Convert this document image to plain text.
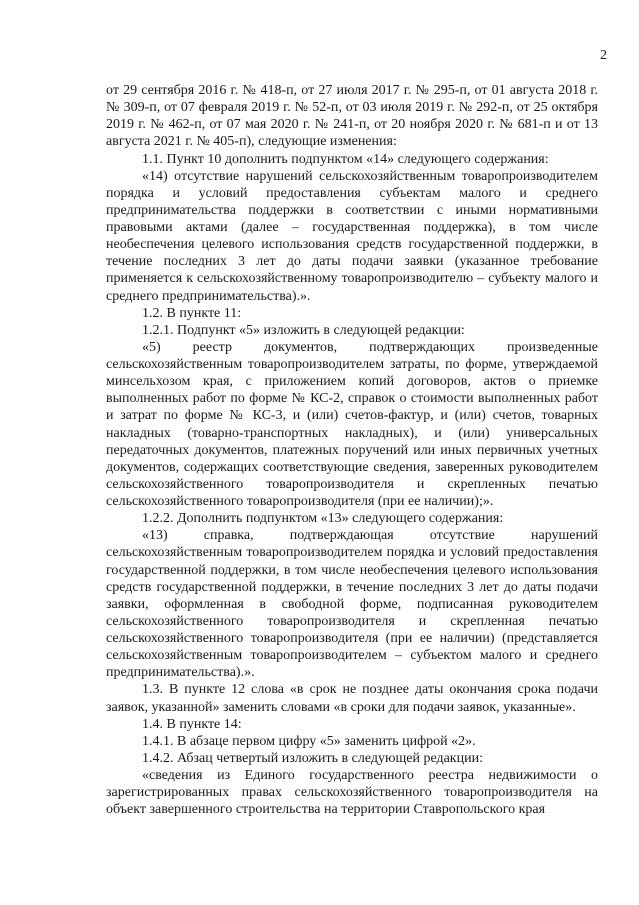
2

от 29 сентября 2016 г. № 418-п, от 27 июля 2017 г. № 295-п, от 01 августа 2018 г. № 309-п, от 07 февраля 2019 г. № 52-п, от 03 июля 2019 г. № 292-п, от 25 октября 2019 г. № 462-п, от 07 мая 2020 г. № 241-п, от 20 ноября 2020 г. № 681-п и от 13 августа 2021 г. № 405-п), следующие изменения:

1.1. Пункт 10 дополнить подпунктом «14» следующего содержания:

«14) отсутствие нарушений сельскохозяйственным товаропроизводителем порядка и условий предоставления субъектам малого и среднего предпринимательства поддержки в соответствии с иными нормативными правовыми актами (далее – государственная поддержка), в том числе необеспечения целевого использования средств государственной поддержки, в течение последних 3 лет до даты подачи заявки (указанное требование применяется к сельскохозяйственному товаропроизводителю – субъекту малого и среднего предпринимательства).».

1.2. В пункте 11:

1.2.1. Подпункт «5» изложить в следующей редакции:

«5) реестр документов, подтверждающих произведенные сельскохозяйственным товаропроизводителем затраты, по форме, утверждаемой минсельхозом края, с приложением копий договоров, актов о приемке выполненных работ по форме № КС-2, справок о стоимости выполненных работ и затрат по форме № КС-3, и (или) счетов-фактур, и (или) счетов, товарных накладных (товарно-транспортных накладных), и (или) универсальных передаточных документов, платежных поручений или иных первичных учетных документов, содержащих соответствующие сведения, заверенных руководителем сельскохозяйственного товаропроизводителя и скрепленных печатью сельскохозяйственного товаропроизводителя (при ее наличии);».

1.2.2. Дополнить подпунктом «13» следующего содержания:

«13) справка, подтверждающая отсутствие нарушений сельскохозяйственным товаропроизводителем порядка и условий предоставления государственной поддержки, в том числе необеспечения целевого использования средств государственной поддержки, в течение последних 3 лет до даты подачи заявки, оформленная в свободной форме, подписанная руководителем сельскохозяйственного товаропроизводителя и скрепленная печатью сельскохозяйственного товаропроизводителя (при ее наличии) (представляется сельскохозяйственным товаропроизводителем – субъектом малого и среднего предпринимательства).».

1.3. В пункте 12 слова «в срок не позднее даты окончания срока подачи заявок, указанной» заменить словами «в сроки для подачи заявок, указанные».

1.4. В пункте 14:

1.4.1. В абзаце первом цифру «5» заменить цифрой «2».

1.4.2. Абзац четвертый изложить в следующей редакции:

«сведения из Единого государственного реестра недвижимости о зарегистрированных правах сельскохозяйственного товаропроизводителя на объект завершенного строительства на территории Ставропольского края
